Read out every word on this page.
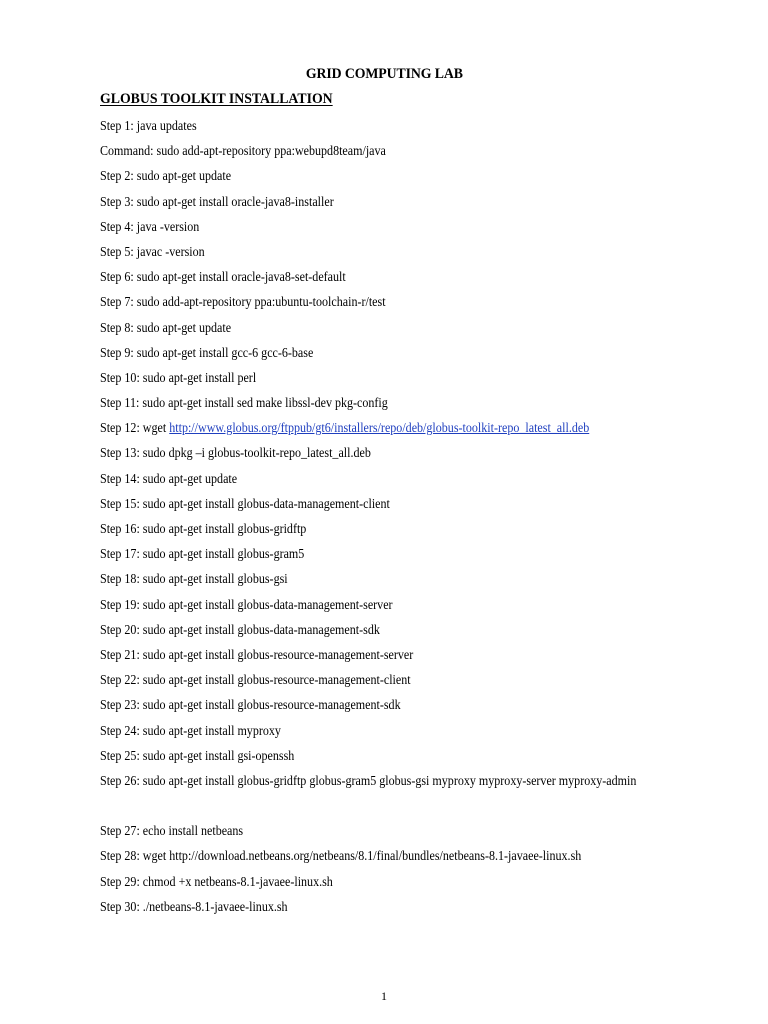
GRID COMPUTING LAB
GLOBUS TOOLKIT INSTALLATION
Step 1: java updates
Command: sudo add-apt-repository ppa:webupd8team/java
Step 2: sudo apt-get update
Step 3: sudo apt-get install oracle-java8-installer
Step 4: java -version
Step 5: javac -version
Step 6: sudo apt-get install oracle-java8-set-default
Step 7: sudo add-apt-repository ppa:ubuntu-toolchain-r/test
Step 8: sudo apt-get update
Step 9: sudo apt-get install gcc-6 gcc-6-base
Step 10: sudo apt-get install perl
Step 11: sudo apt-get install sed make libssl-dev pkg-config
Step 12: wget http://www.globus.org/ftppub/gt6/installers/repo/deb/globus-toolkit-repo_latest_all.deb
Step 13: sudo dpkg –i globus-toolkit-repo_latest_all.deb
Step 14: sudo apt-get update
Step 15: sudo apt-get install globus-data-management-client
Step 16: sudo apt-get install globus-gridftp
Step 17: sudo apt-get install globus-gram5
Step 18: sudo apt-get install globus-gsi
Step 19: sudo apt-get install globus-data-management-server
Step 20: sudo apt-get install globus-data-management-sdk
Step 21: sudo apt-get install globus-resource-management-server
Step 22: sudo apt-get install globus-resource-management-client
Step 23: sudo apt-get install globus-resource-management-sdk
Step 24: sudo apt-get install myproxy
Step 25: sudo apt-get install gsi-openssh
Step 26: sudo apt-get install globus-gridftp globus-gram5 globus-gsi myproxy myproxy-server myproxy-admin
Step 27: echo install netbeans
Step 28: wget http://download.netbeans.org/netbeans/8.1/final/bundles/netbeans-8.1-javaee-linux.sh
Step 29: chmod +x netbeans-8.1-javaee-linux.sh
Step 30: ./netbeans-8.1-javaee-linux.sh
1
